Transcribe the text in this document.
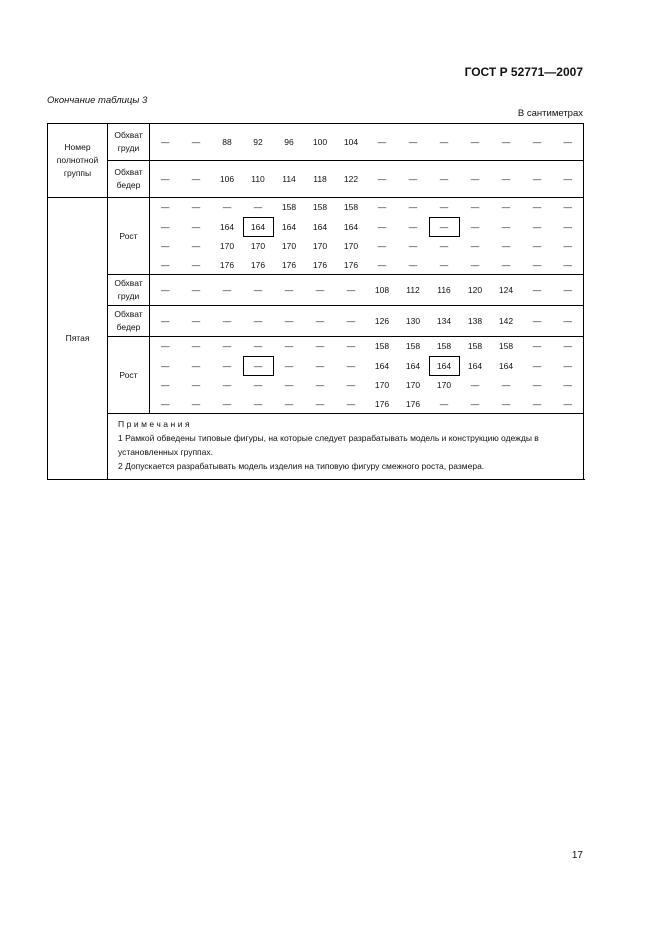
ГОСТ Р 52771—2007
Окончание таблицы 3
В сантиметрах
Номер полнотной группы	Обхват груди	—	—	88	92	96	100	104	—	—	—	—	—	—	—
	Обхват бедер	—	—	106	110	114	118	122	—	—	—	—	—	—	—
Пятая	Рост	—	—	—	—	158	158	158	—	—	—	—	—	—	—
		—	—	164	164	164	164	164	—	—	—	—	—	—	—
		—	—	170	170	170	170	170	—	—	—	—	—	—	—
		—	—	176	176	176	176	176	—	—	—	—	—	—	—
	Обхват груди	—	—	—	—	—	—	—	108	112	116	120	124	—	—
	Обхват бедер	—	—	—	—	—	—	—	126	130	134	138	142	—	—
	Рост	—	—	—	—	—	—	—	158	158	158	158	158	—	—
		—	—	—	—	—	—	—	164	164	164	164	164	—	—
		—	—	—	—	—	—	—	170	170	170	—	—	—	—
		—	—	—	—	—	—	—	176	176	—	—	—	—	—

	Примечания
1 Рамкой обведены типовые фигуры, на которые следует разрабатывать модель и конструкцию одежды в установленных группах.
2 Допускается разрабатывать модель изделия на типовую фигуру смежного роста, размера.														
17
